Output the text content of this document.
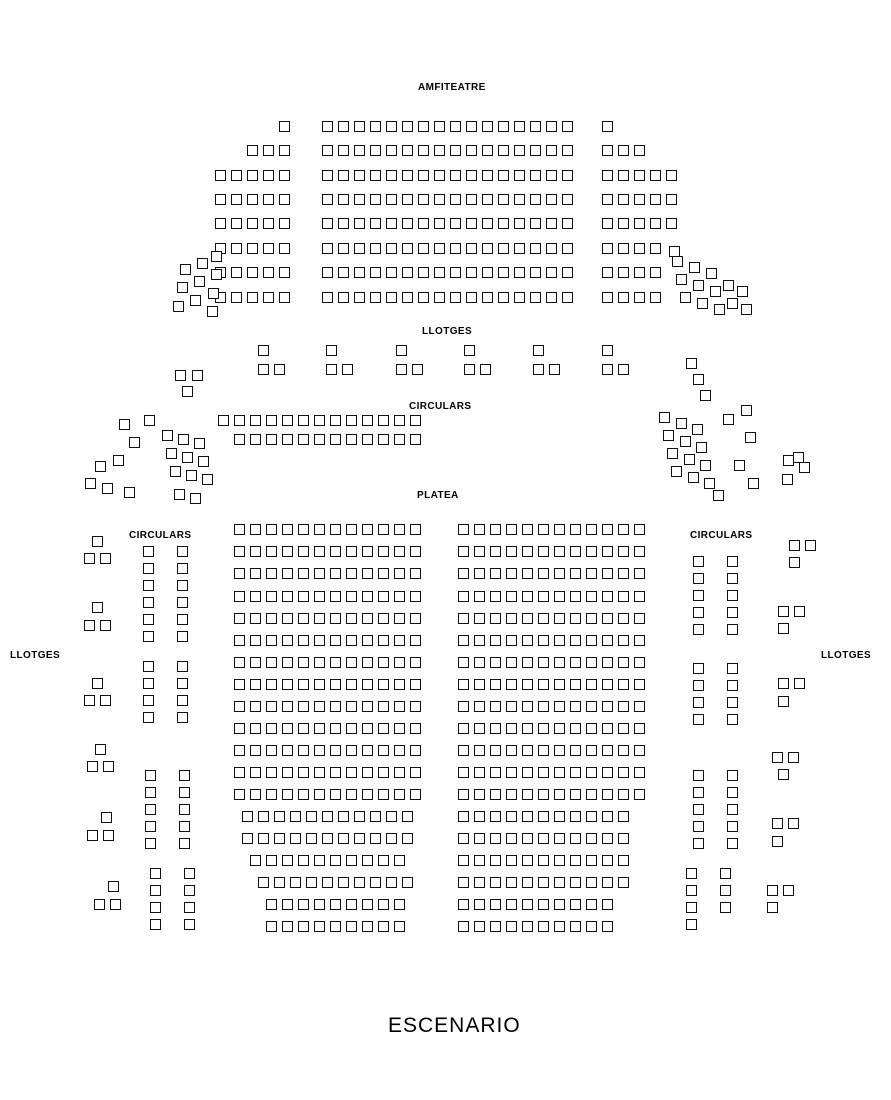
ESCENARIO
AMFITEATRE
LLOTGES
CIRCULARS
PLATEA
CIRCULARS	CIRCULARS
LLOTGES	LLOTGES
